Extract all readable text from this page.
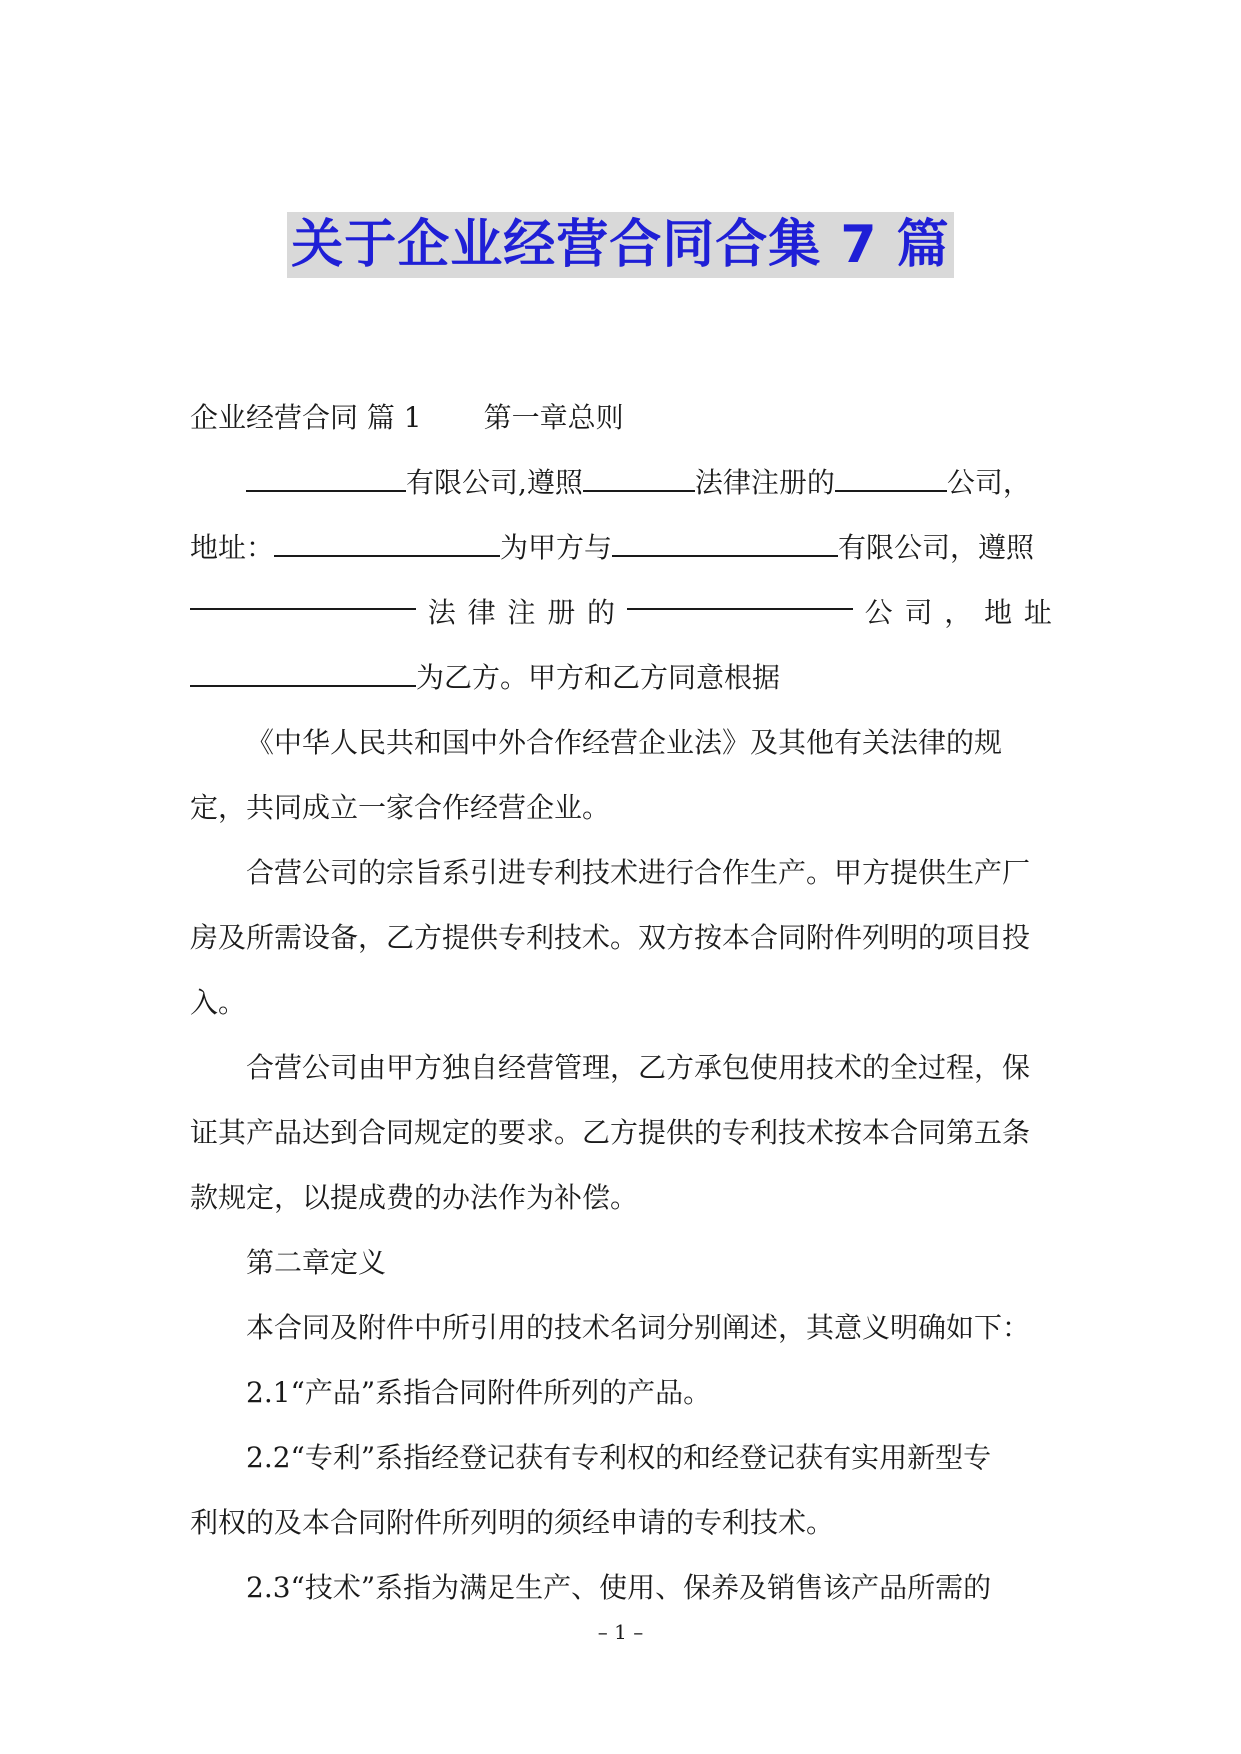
关于企业经营合同合集 7 篇
企业经营合同 篇 1 第一章总则
有限公司,遵照	法律注册的	公司，
地址：	为甲方与	有限公司，遵照
法 律 注 册 的	公 司 ， 地 址
为乙方。甲方和乙方同意根据
《中华人民共和国中外合作经营企业法》及其他有关法律的规
定，共同成立一家合作经营企业。
合营公司的宗旨系引进专利技术进行合作生产。甲方提供生产厂
房及所需设备，乙方提供专利技术。双方按本合同附件列明的项目投
入。
合营公司由甲方独自经营管理，乙方承包使用技术的全过程，保
证其产品达到合同规定的要求。乙方提供的专利技术按本合同第五条
款规定，以提成费的办法作为补偿。
第二章定义
本合同及附件中所引用的技术名词分别阐述，其意义明确如下：
2.1“产品”系指合同附件所列的产品。
2.2“专利”系指经登记获有专利权的和经登记获有实用新型专
利权的及本合同附件所列明的须经申请的专利技术。
2.3“技术”系指为满足生产、使用、保养及销售该产品所需的
– 1 –
